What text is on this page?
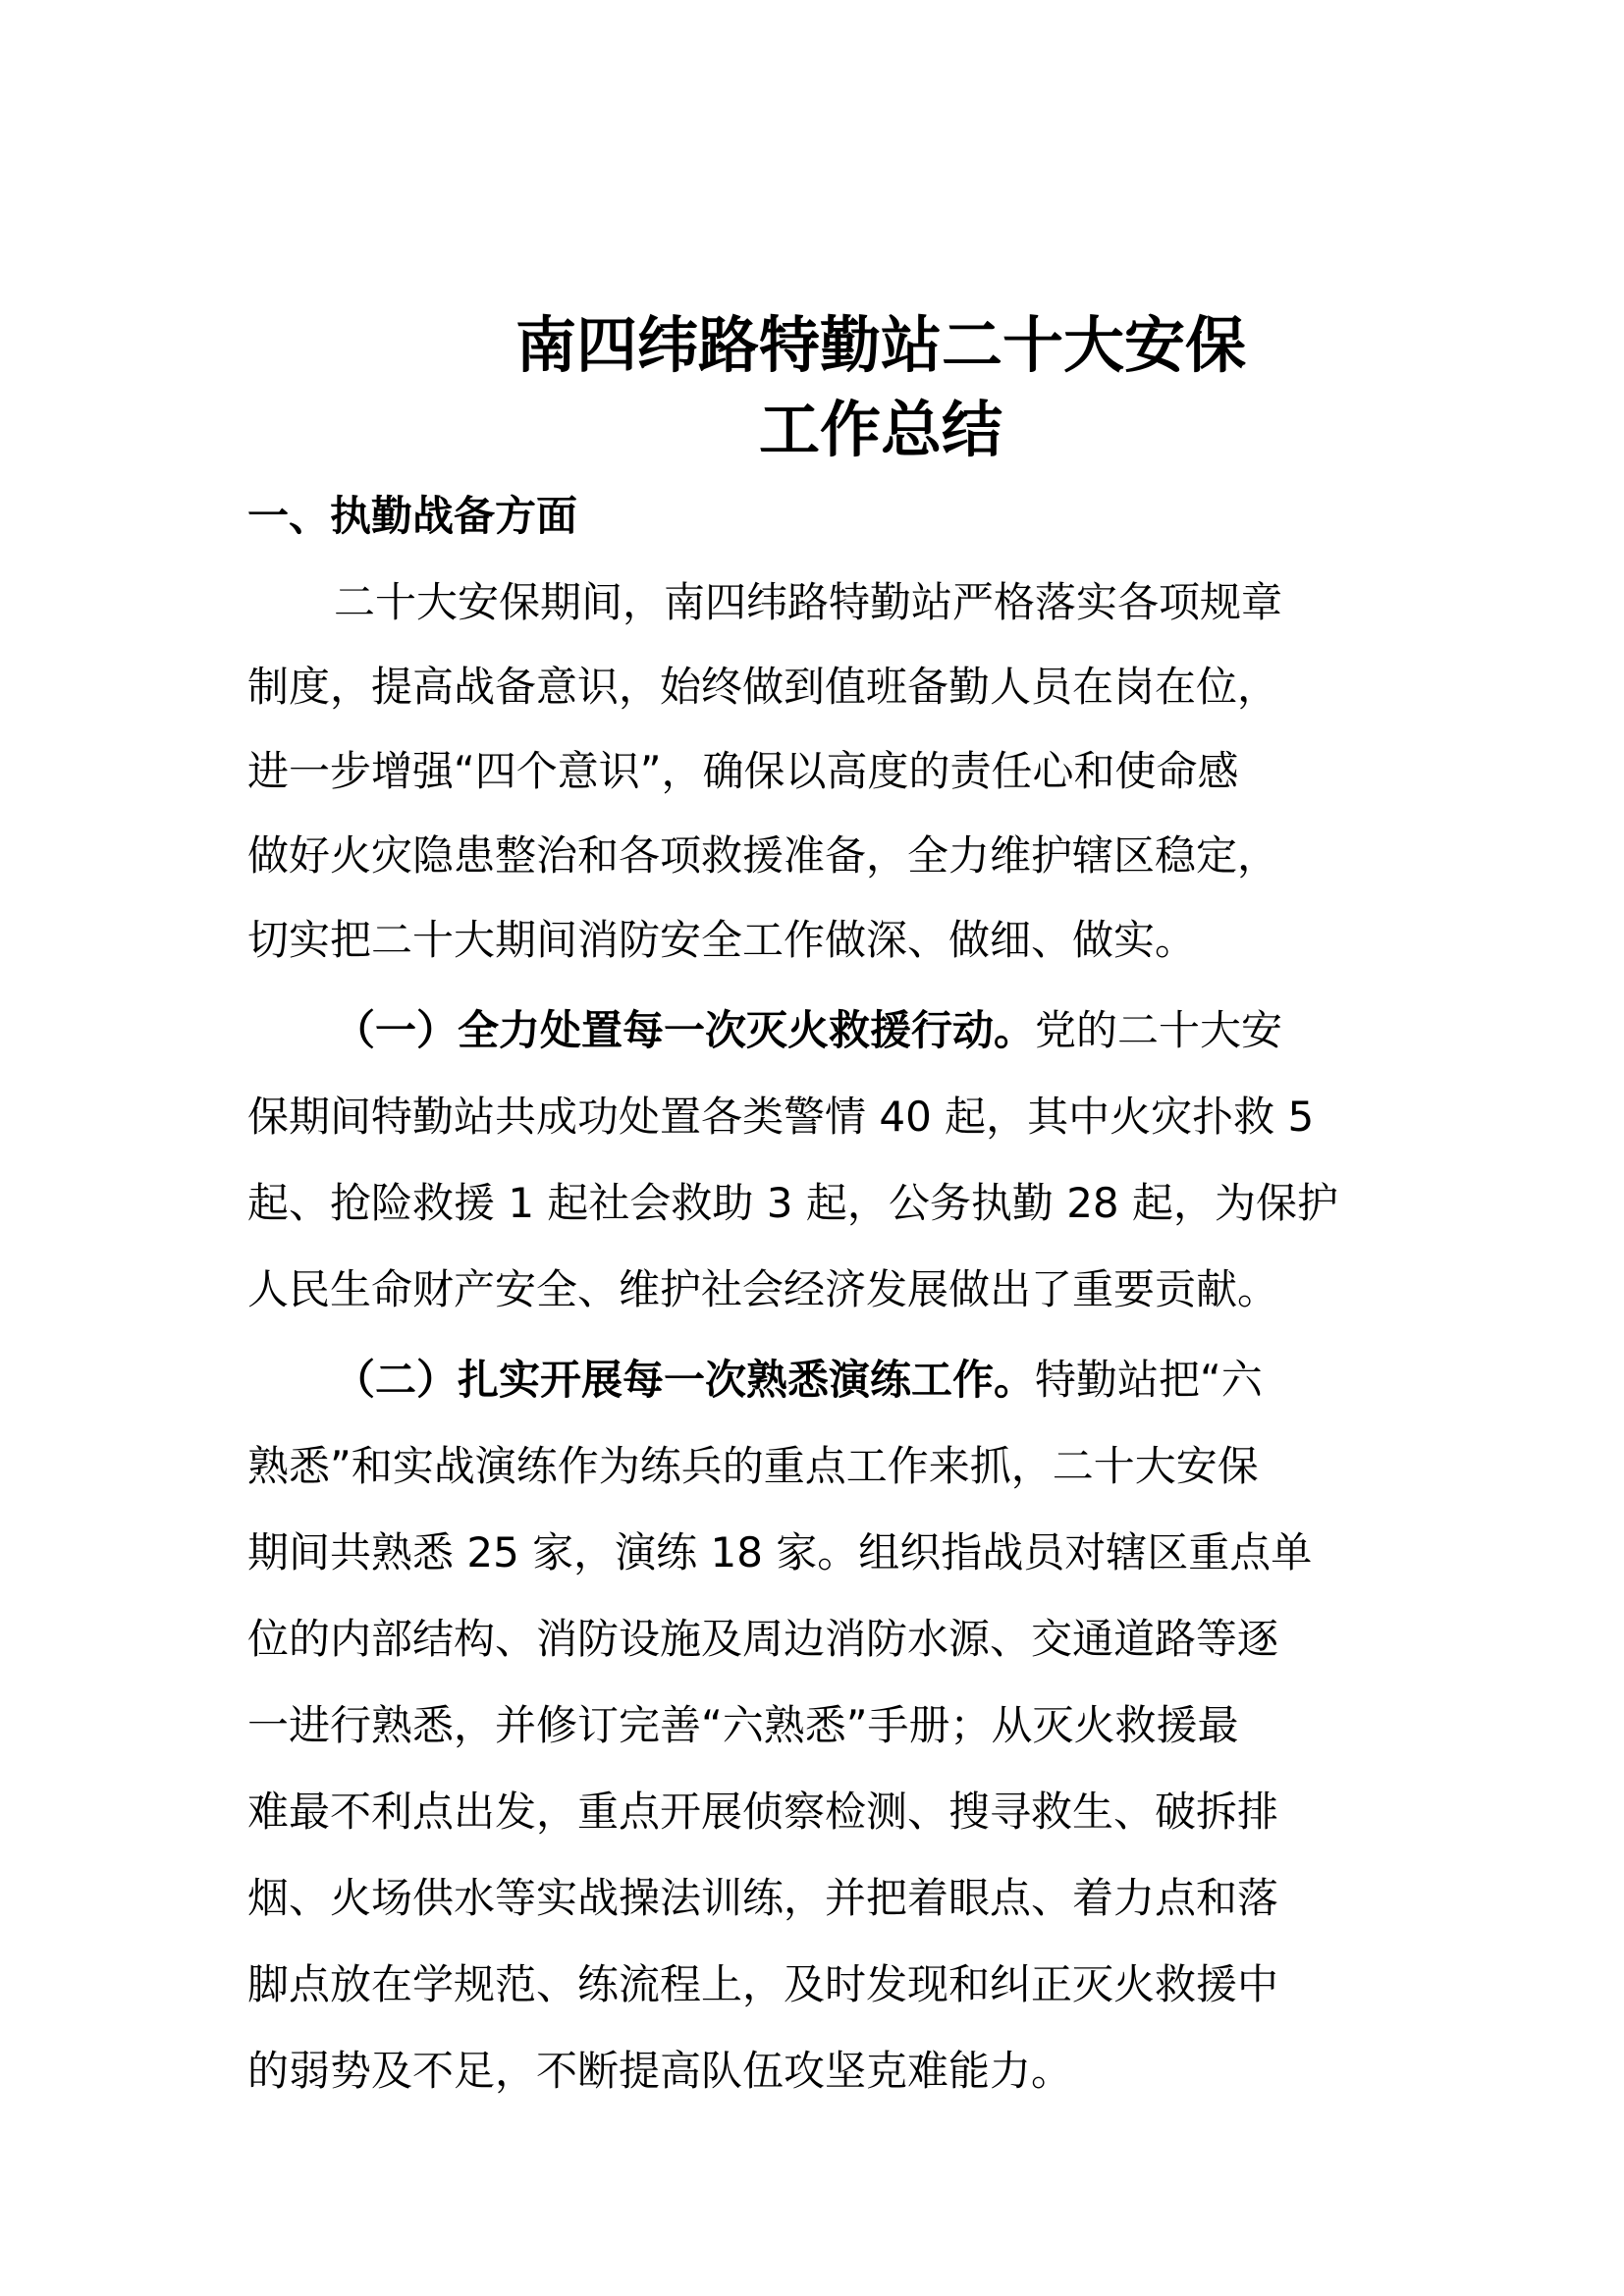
南四纬路特勤站二十大安保
工作总结
一、执勤战备方面
二十大安保期间，南四纬路特勤站严格落实各项规章
制度，提高战备意识，始终做到值班备勤人员在岗在位，
进一步增强“四个意识”，确保以高度的责任心和使命感
做好火灾隐患整治和各项救援准备，全力维护辖区稳定，
切实把二十大期间消防安全工作做深、做细、做实。
（一）全力处置每一次灭火救援行动。党的二十大安
保期间特勤站共成功处置各类警情 40 起，其中火灾扑救 5
起、抢险救援 1 起社会救助 3 起，公务执勤 28 起，为保护
人民生命财产安全、维护社会经济发展做出了重要贡献。
（二）扎实开展每一次熟悉演练工作。特勤站把“六
熟悉”和实战演练作为练兵的重点工作来抓，二十大安保
期间共熟悉 25 家，演练 18 家。组织指战员对辖区重点单
位的内部结构、消防设施及周边消防水源、交通道路等逐
一进行熟悉，并修订完善“六熟悉”手册；从灭火救援最
难最不利点出发，重点开展侦察检测、搜寻救生、破拆排
烟、火场供水等实战操法训练，并把着眼点、着力点和落
脚点放在学规范、练流程上，及时发现和纠正灭火救援中
的弱势及不足，不断提高队伍攻坚克难能力。
